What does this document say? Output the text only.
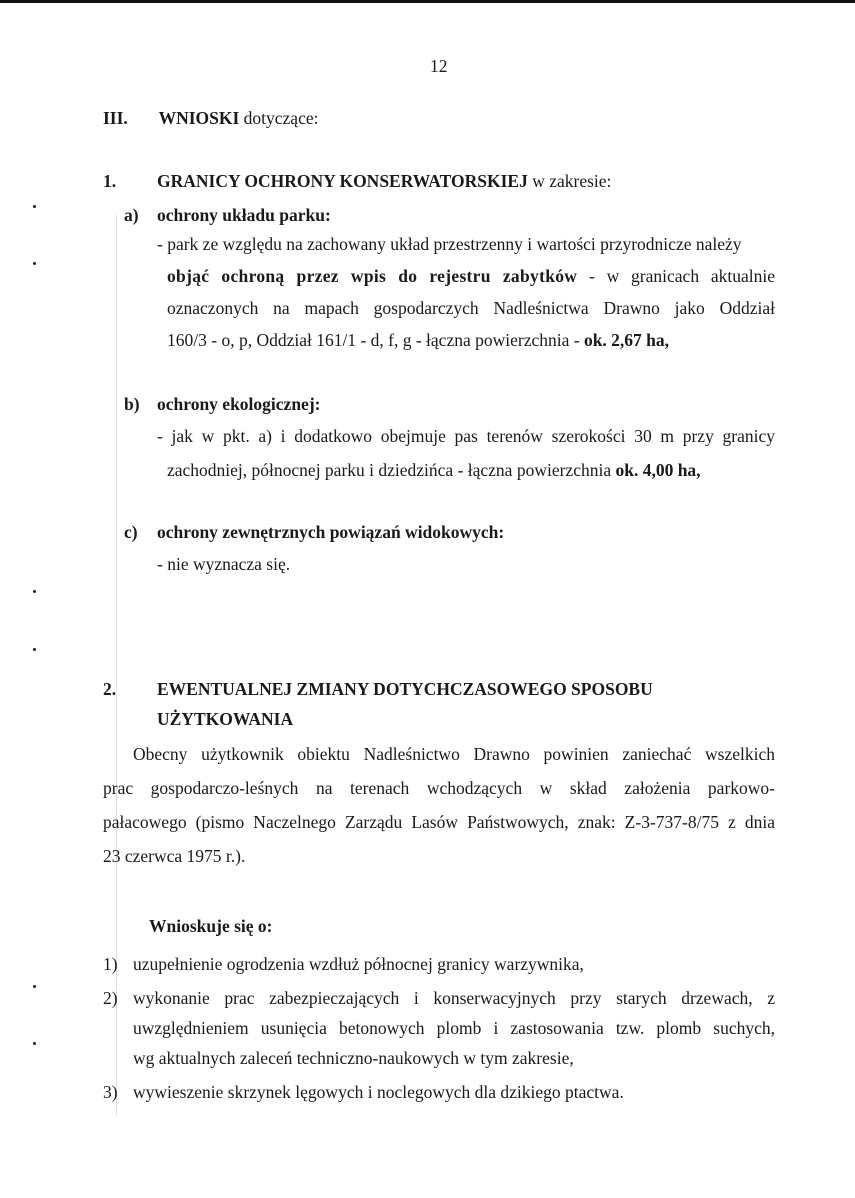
12
III. WNIOSKI dotyczące:
1. GRANICY OCHRONY KONSERWATORSKIEJ w zakresie:
a) ochrony układu parku:
- park ze względu na zachowany układ przestrzenny i wartości przyrodnicze należy
objąć ochroną przez wpis do rejestru zabytków - w granicach aktualnie
oznaczonych na mapach gospodarczych Nadleśnictwa Drawno jako Oddział
160/3 - o, p, Oddział 161/1 - d, f, g - łączna powierzchnia - ok. 2,67 ha,
b) ochrony ekologicznej:
- jak w pkt. a) i dodatkowo obejmuje pas terenów szerokości 30 m przy granicy
zachodniej, północnej parku i dziedzińca - łączna powierzchnia ok. 4,00 ha,
c) ochrony zewnętrznych powiązań widokowych:
- nie wyznacza się.
2. EWENTUALNEJ ZMIANY DOTYCHCZASOWEGO SPOSOBU
UŻYTKOWANIA
Obecny użytkownik obiektu Nadleśnictwo Drawno powinien zaniechać wszelkich
prac gospodarczo-leśnych na terenach wchodzących w skład założenia parkowo-
pałacowego (pismo Naczelnego Zarządu Lasów Państwowych, znak: Z-3-737-8/75 z dnia
23 czerwca 1975 r.).
Wnioskuje się o:
1) uzupełnienie ogrodzenia wzdłuż północnej granicy warzywnika,
2) wykonanie prac zabezpieczających i konserwacyjnych przy starych drzewach, z
uwzględnieniem usunięcia betonowych plomb i zastosowania tzw. plomb suchych,
wg aktualnych zaleceń techniczno-naukowych w tym zakresie,
3) wywieszenie skrzynek lęgowych i noclegowych dla dzikiego ptactwa.
